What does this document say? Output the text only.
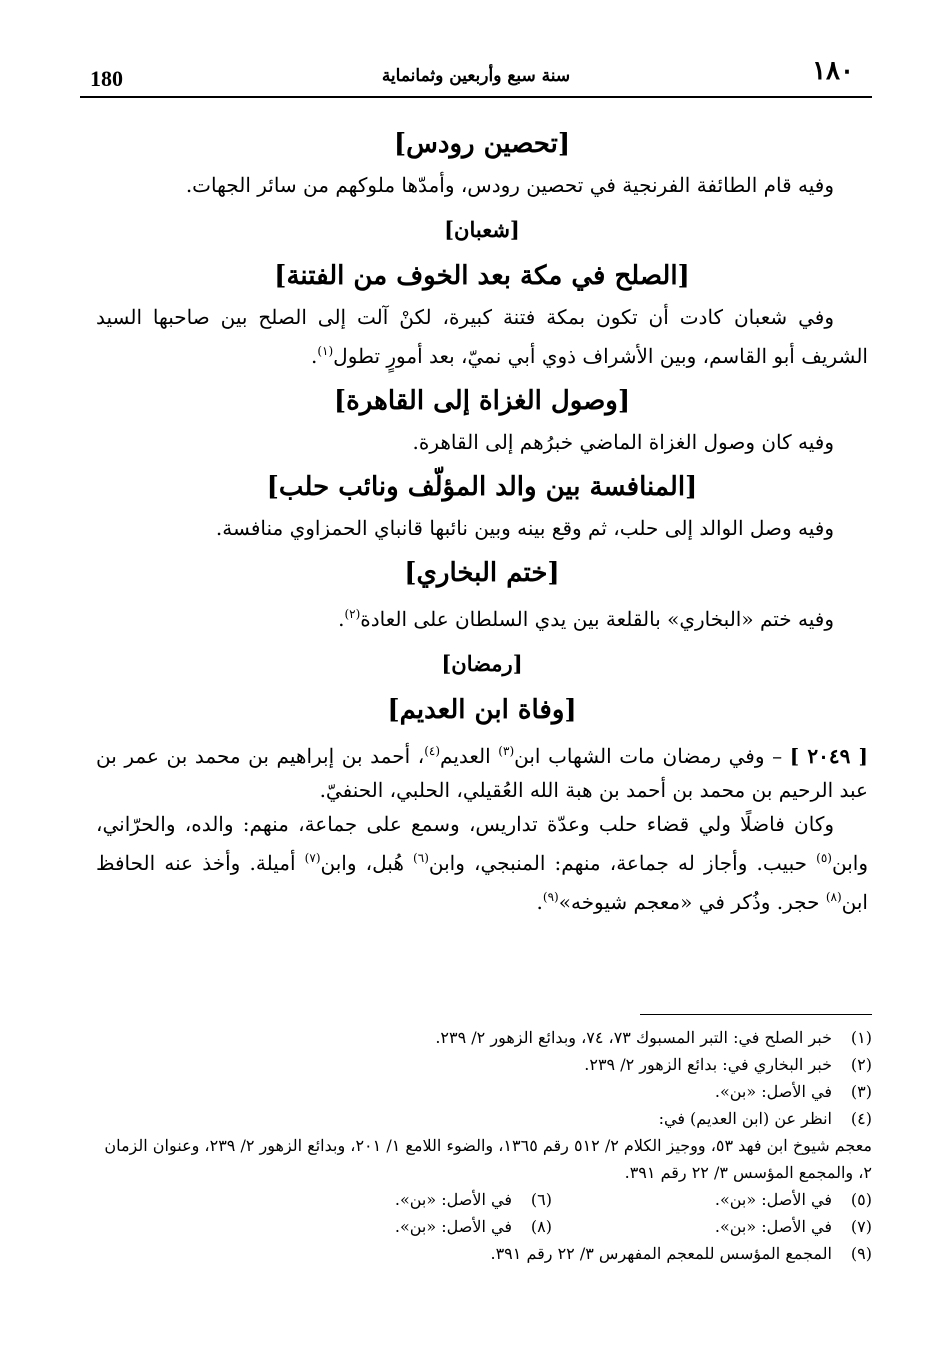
180	سنة سبع وأربعين وثمانماية	١٨٠
[تحصين رودس]

وفيه قام الطائفة الفرنجية في تحصين رودس، وأمدّها ملوكهم من سائر الجهات.

[شعبان]
[الصلح في مكة بعد الخوف من الفتنة]

وفي شعبان كادت أن تكون بمكة فتنة كبيرة، لكنْ آلت إلى الصلح بين صاحبها السيد الشريف أبو القاسم، وبين الأشراف ذوي أبي نميّ، بعد أمورٍ تطول$^{(١)}$.

[وصول الغزاة إلى القاهرة]

وفيه كان وصول الغزاة الماضي خبرُهم إلى القاهرة.

[المنافسة بين والد المؤلّف ونائب حلب]

وفيه وصل الوالد إلى حلب، ثم وقع بينه وبين نائبها قانباي الحمزاوي منافسة.

[ختم البخاري]

وفيه ختم «البخاري» بالقلعة بين يدي السلطان على العادة$^{(٢)}$.

[رمضان]
[وفاة ابن العديم]

[ ٢٠٤٩ ] – وفي رمضان مات الشهاب ابن$^{(٣)}$ العديم$^{(٤)}$، أحمد بن إبراهيم بن محمد بن عمر بن عبد الرحيم بن محمد بن أحمد بن هبة الله العُقيلي، الحلبي، الحنفيّ.

وكان فاضلًا ولي قضاء حلب وعدّة تداريس، وسمع على جماعة، منهم: والده، والحرّاني، وابن$^{(٥)}$ حبيب. وأجاز له جماعة، منهم: المنبجي، وابن$^{(٦)}$ هُبل، وابن$^{(٧)}$ أميلة. وأخذ عنه الحافظ ابن$^{(٨)}$ حجر. وذُكر في «معجم شيوخه»$^{(٩)}$.

(١)
خبر الصلح في: التبر المسبوك ٧٣، ٧٤، وبدائع الزهور ٢/ ٢٣٩.
(٢)
خبر البخاري في: بدائع الزهور ٢/ ٢٣٩.
(٣)
في الأصل: «بن».
(٤)
انظر عن (ابن العديم) في:
معجم شيوخ ابن فهد ٥٣، ووجيز الكلام ٢/ ٥١٢ رقم ١٣٦٥، والضوء اللامع ١/ ٢٠١، وبدائع الزهور ٢/ ٢٣٩، وعنوان الزمان ٢، والمجمع المؤسس ٣/ ٢٢ رقم ٣٩١.
(٥)
في الأصل: «بن».
(٦)
في الأصل: «بن».
(٧)
في الأصل: «بن».
(٨)
في الأصل: «بن».
(٩)
المجمع المؤسس للمعجم المفهرس ٣/ ٢٢ رقم ٣٩١.
